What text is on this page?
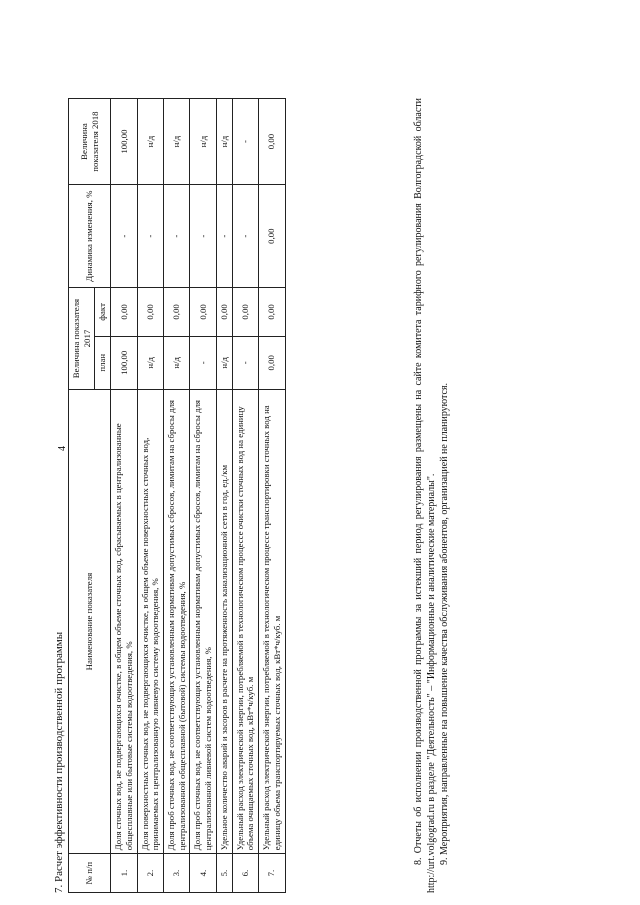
4

7. Расчет эффективности производственной программы № п/п	Наименование показателя	Величина показателя 2017		Динамика изменения, %	Величина показателя 2018
		план	факт		
1.	Доля сточных вод, не подвергающихся очистке, в общем объеме сточных вод, сбрасываемых в централизованные общесплавные или бытовые системы водоотведения, %	100,00	0,00	-	100,00
2.	Доля поверхностных сточных вод, не подвергающихся очистке, в общем объеме поверхностных сточных вод, принимаемых в централизованную ливневую систему водоотведения, %	н/д	0,00	-	н/д
3.	Доля проб сточных вод, не соответствующих установленным нормативам допустимых сбросов, лимитам на сбросы для централизованной общесплавной (бытовой) системы водоотведения, %	н/д	0,00	-	н/д
4.	Доля проб сточных вод, не соответствующих установленным нормативам допустимых сбросов, лимитам на сбросы для централизованной ливневой систем водоотведения, %	-	0,00	-	н/д
5.	Удельное количество аварий и засоров в расчете на протяженность канализационной сети в год, ед./км	н/д	0,00	-	н/д
6.	Удельный расход электрической энергии, потребляемой в технологическом процессе очистки сточных вод на единицу объема очищаемых сточных вод, кВт*ч/куб. м	-	0,00	-	-
7.	Удельный расход электрической энергии, потребляемой в технологическом процессе транспортировки сточных вод на единицу объема транспортируемых сточных вод, кВт*ч/куб. м	0,00	0,00	0,00	0,00	8. Отчеты об исполнении производственной программы за истекший период регулирования размещены на сайте комитета тарифного регулирования Волгоградской области http://urt.volgograd.ru в разделе "Деятельность" – "Информационные и аналитические материалы". 9. Мероприятия, направленные на повышение качества обслуживания абонентов, организацией не планируются.
